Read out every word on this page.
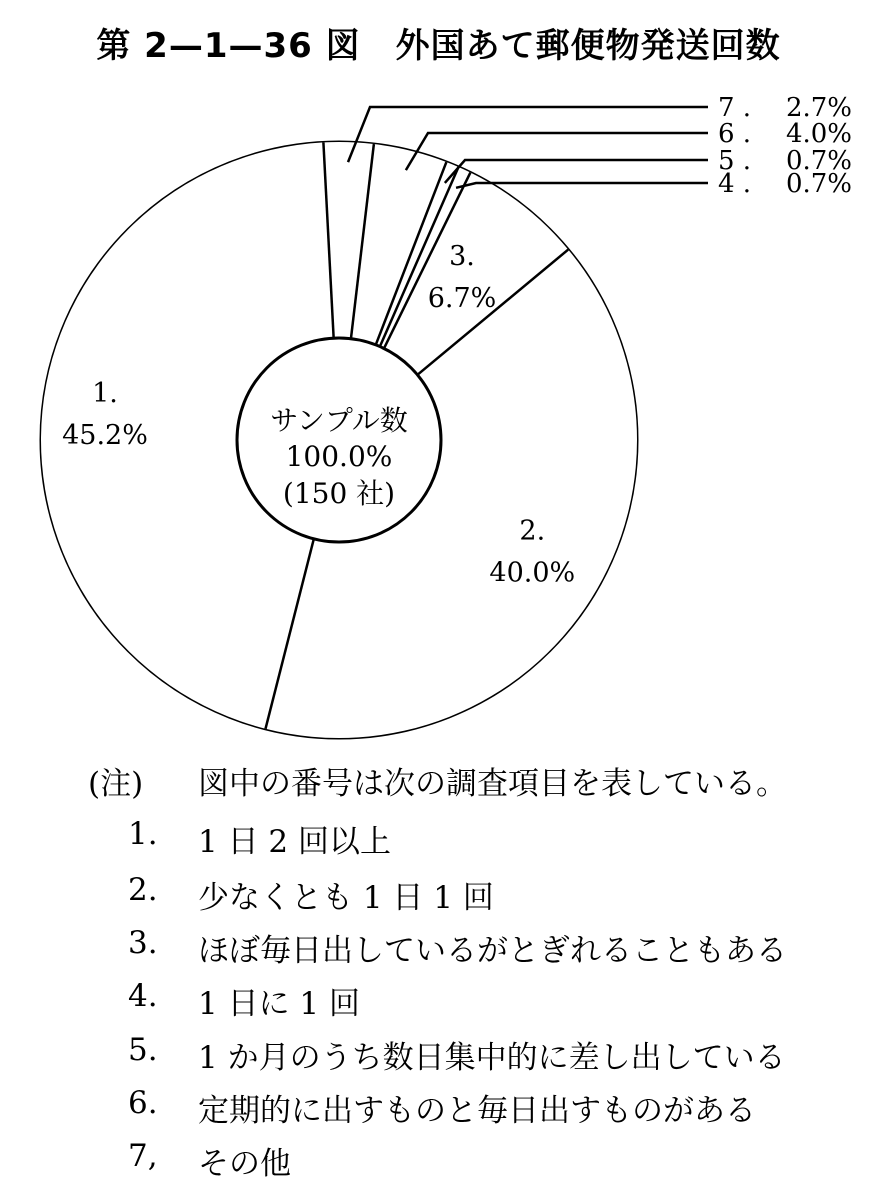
第 2—1—36 図　外国あて郵便物発送回数
1.
45.2%
2.
40.0%
3.
6.7%
7 . 2.7%
6 . 4.0%
5 . 0.7%
4 . 0.7%
サンプル数
100.0%
(150 社)
(注) 図中の番号は次の調査項目を表している。
1. 1 日 2 回以上
2. 少なくとも 1 日 1 回
3. ほぼ毎日出しているがとぎれることもある
4. 1 日に 1 回
5. 1 か月のうち数日集中的に差し出している
6. 定期的に出すものと毎日出すものがある
7, その他
